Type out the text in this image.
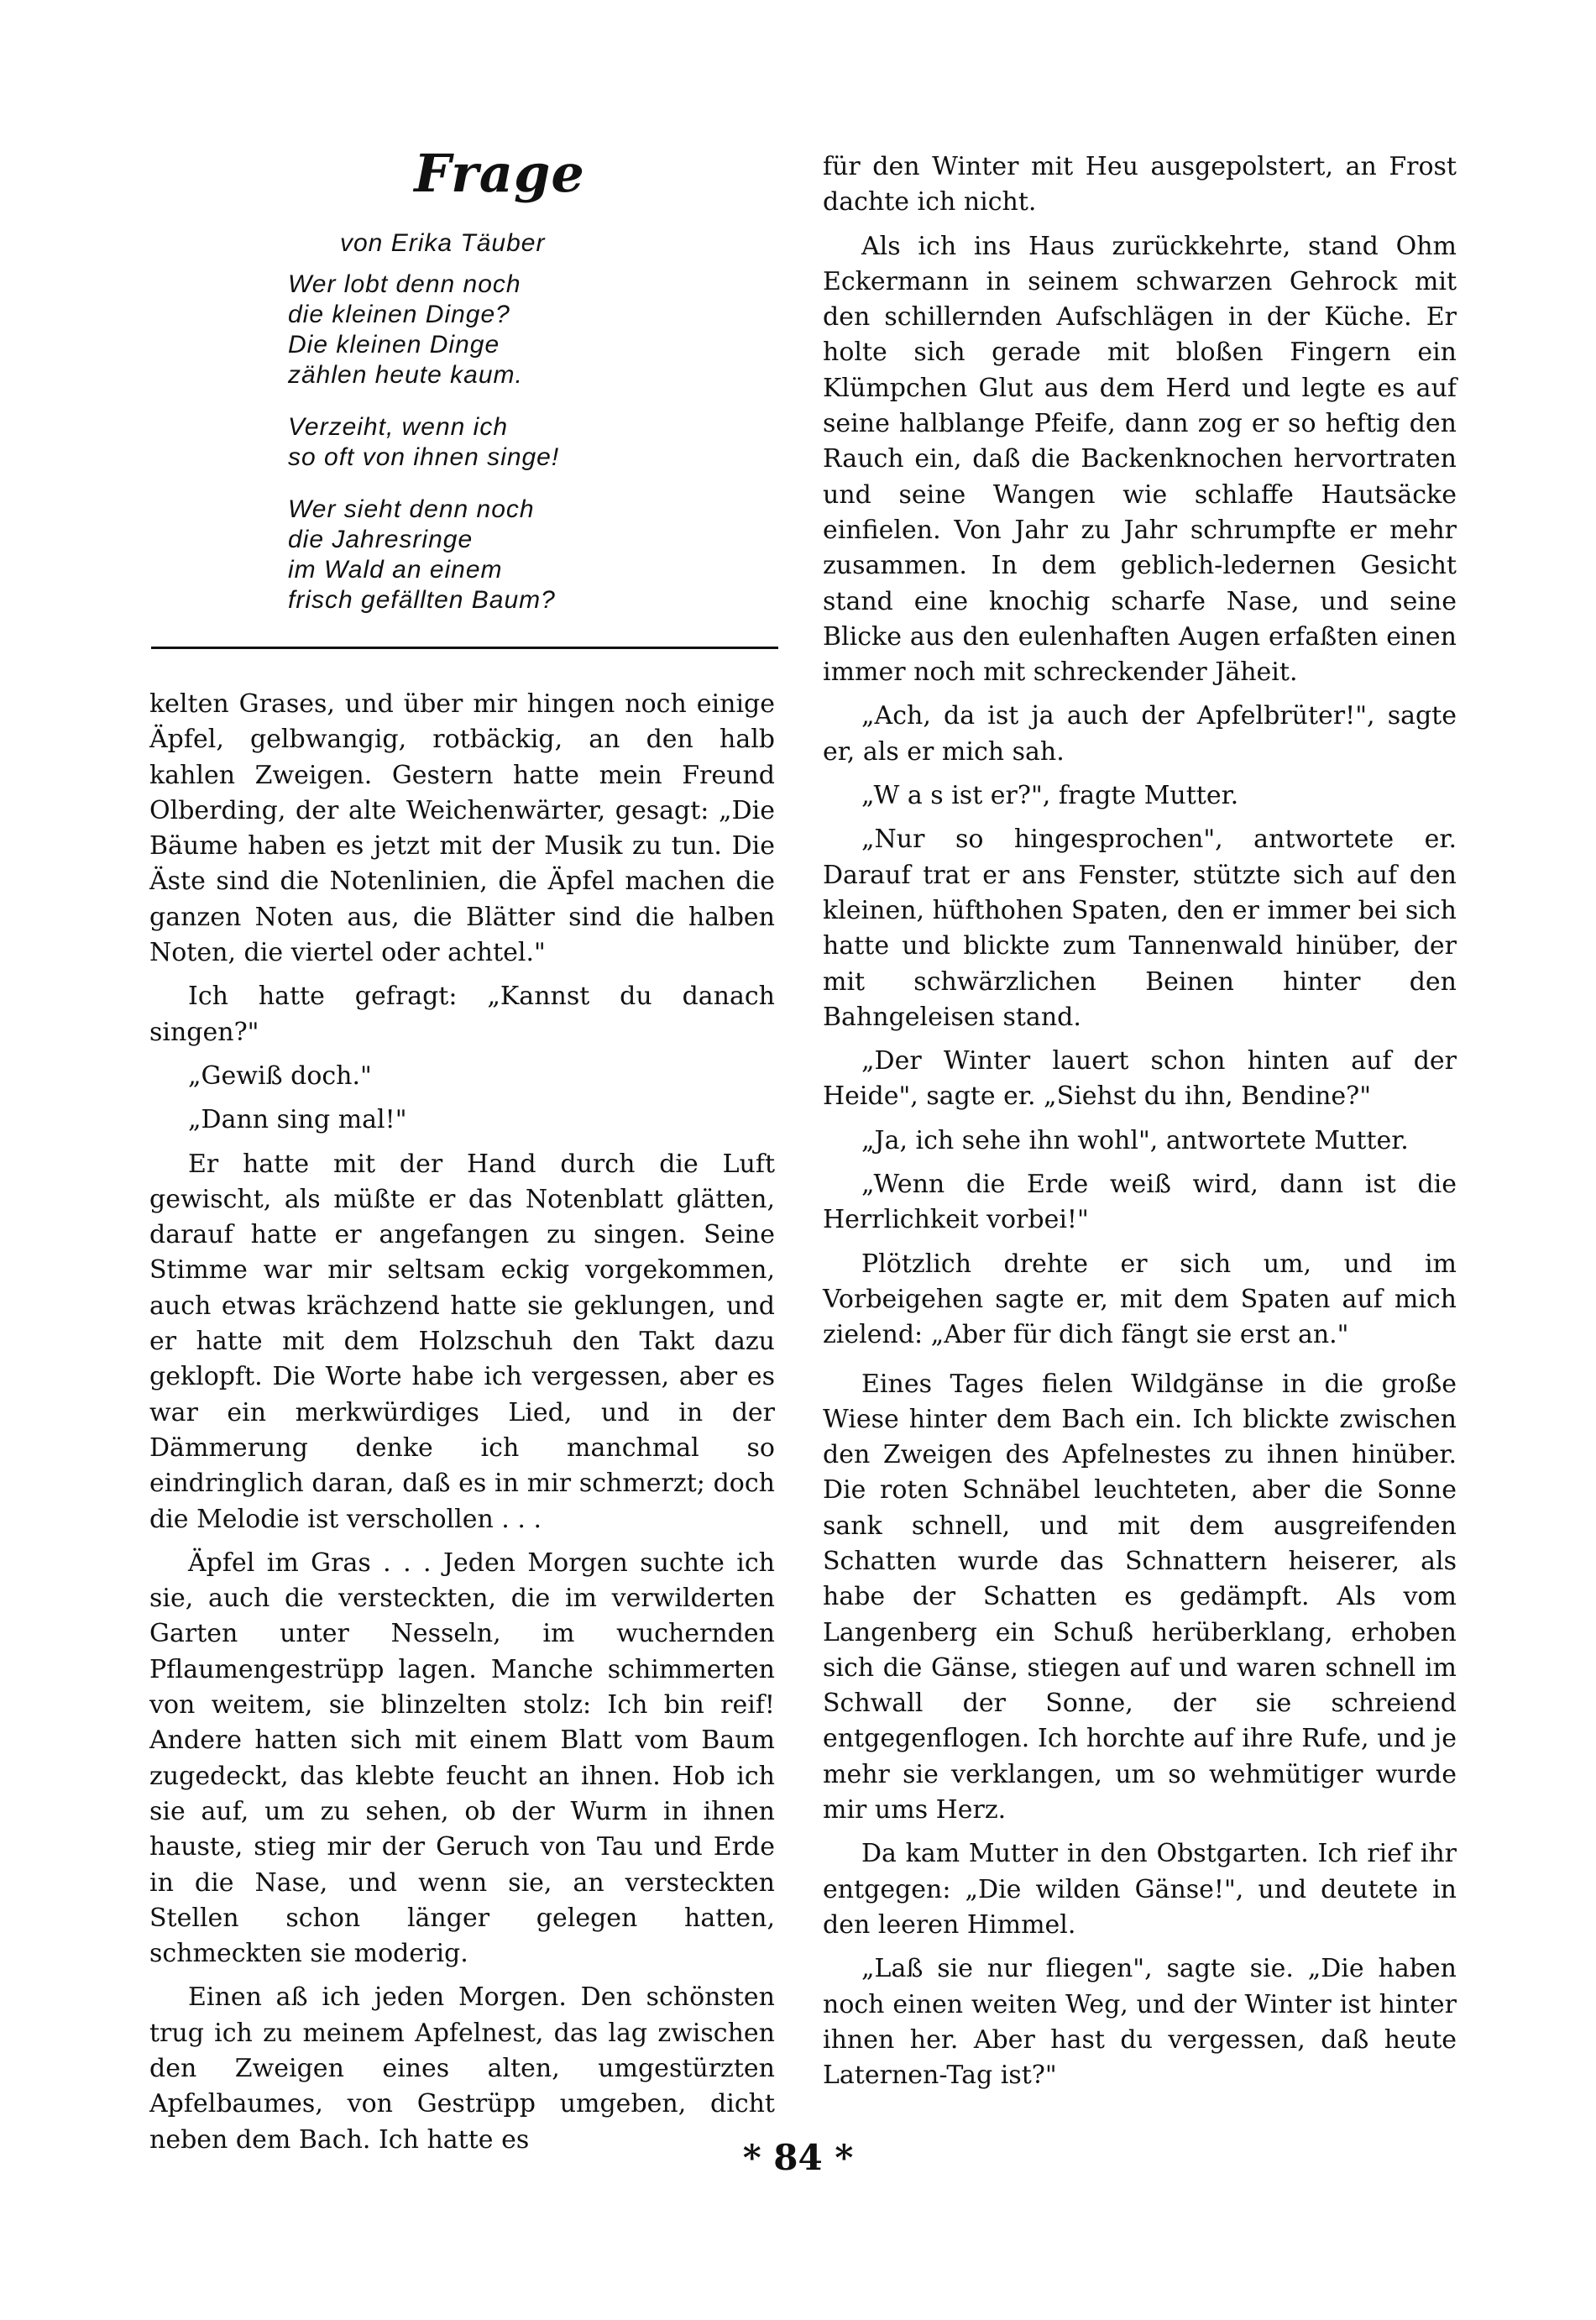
Frage
von Erika Täuber
Wer lobt denn noch
die kleinen Dinge?
Die kleinen Dinge
zählen heute kaum.
Verzeiht, wenn ich
so oft von ihnen singe!
Wer sieht denn noch
die Jahresringe
im Wald an einem
frisch gefällten Baum?

kelten Grases, und über mir hingen noch einige Äpfel, gelbwangig, rotbäckig, an den halb kahlen Zweigen. Gestern hatte mein Freund Olberding, der alte Weichenwärter, gesagt: „Die Bäume haben es jetzt mit der Musik zu tun. Die Äste sind die Notenlinien, die Äpfel machen die ganzen Noten aus, die Blätter sind die halben Noten, die viertel oder achtel."

Ich hatte gefragt: „Kannst du danach singen?"

„Gewiß doch."

„Dann sing mal!"

Er hatte mit der Hand durch die Luft gewischt, als müßte er das Notenblatt glätten, darauf hatte er angefangen zu singen. Seine Stimme war mir seltsam eckig vorgekommen, auch etwas krächzend hatte sie geklungen, und er hatte mit dem Holzschuh den Takt dazu geklopft. Die Worte habe ich vergessen, aber es war ein merkwürdiges Lied, und in der Dämmerung denke ich manchmal so eindringlich daran, daß es in mir schmerzt; doch die Melodie ist verschollen . . .

Äpfel im Gras . . . Jeden Morgen suchte ich sie, auch die versteckten, die im verwilderten Garten unter Nesseln, im wuchernden Pflaumengestrüpp lagen. Manche schimmerten von weitem, sie blinzelten stolz: Ich bin reif! Andere hatten sich mit einem Blatt vom Baum zugedeckt, das klebte feucht an ihnen. Hob ich sie auf, um zu sehen, ob der Wurm in ihnen hauste, stieg mir der Geruch von Tau und Erde in die Nase, und wenn sie, an versteckten Stellen schon länger gelegen hatten, schmeckten sie moderig.

Einen aß ich jeden Morgen. Den schönsten trug ich zu meinem Apfelnest, das lag zwischen den Zweigen eines alten, umgestürzten Apfelbaumes, von Gestrüpp umgeben, dicht neben dem Bach. Ich hatte es

für den Winter mit Heu ausgepolstert, an Frost dachte ich nicht.

Als ich ins Haus zurückkehrte, stand Ohm Eckermann in seinem schwarzen Gehrock mit den schillernden Aufschlägen in der Küche. Er holte sich gerade mit bloßen Fingern ein Klümpchen Glut aus dem Herd und legte es auf seine halblange Pfeife, dann zog er so heftig den Rauch ein, daß die Backenknochen hervortraten und seine Wangen wie schlaffe Hautsäcke einfielen. Von Jahr zu Jahr schrumpfte er mehr zusammen. In dem geblich-ledernen Gesicht stand eine knochig scharfe Nase, und seine Blicke aus den eulenhaften Augen erfaßten einen immer noch mit schreckender Jäheit.

„Ach, da ist ja auch der Apfelbrüter!", sagte er, als er mich sah.

„W a s ist er?", fragte Mutter.

„Nur so hingesprochen", antwortete er. Darauf trat er ans Fenster, stützte sich auf den kleinen, hüfthohen Spaten, den er immer bei sich hatte und blickte zum Tannenwald hinüber, der mit schwärzlichen Beinen hinter den Bahngeleisen stand.

„Der Winter lauert schon hinten auf der Heide", sagte er. „Siehst du ihn, Bendine?"

„Ja, ich sehe ihn wohl", antwortete Mutter.

„Wenn die Erde weiß wird, dann ist die Herrlichkeit vorbei!"

Plötzlich drehte er sich um, und im Vorbeigehen sagte er, mit dem Spaten auf mich zielend: „Aber für dich fängt sie erst an."

Eines Tages fielen Wildgänse in die große Wiese hinter dem Bach ein. Ich blickte zwischen den Zweigen des Apfelnestes zu ihnen hinüber. Die roten Schnäbel leuchteten, aber die Sonne sank schnell, und mit dem ausgreifenden Schatten wurde das Schnattern heiserer, als habe der Schatten es gedämpft. Als vom Langenberg ein Schuß herüberklang, erhoben sich die Gänse, stiegen auf und waren schnell im Schwall der Sonne, der sie schreiend entgegenflogen. Ich horchte auf ihre Rufe, und je mehr sie verklangen, um so wehmütiger wurde mir ums Herz.

Da kam Mutter in den Obstgarten. Ich rief ihr entgegen: „Die wilden Gänse!", und deutete in den leeren Himmel.

„Laß sie nur fliegen", sagte sie. „Die haben noch einen weiten Weg, und der Winter ist hinter ihnen her. Aber hast du vergessen, daß heute Laternen-Tag ist?"

* 84 *
